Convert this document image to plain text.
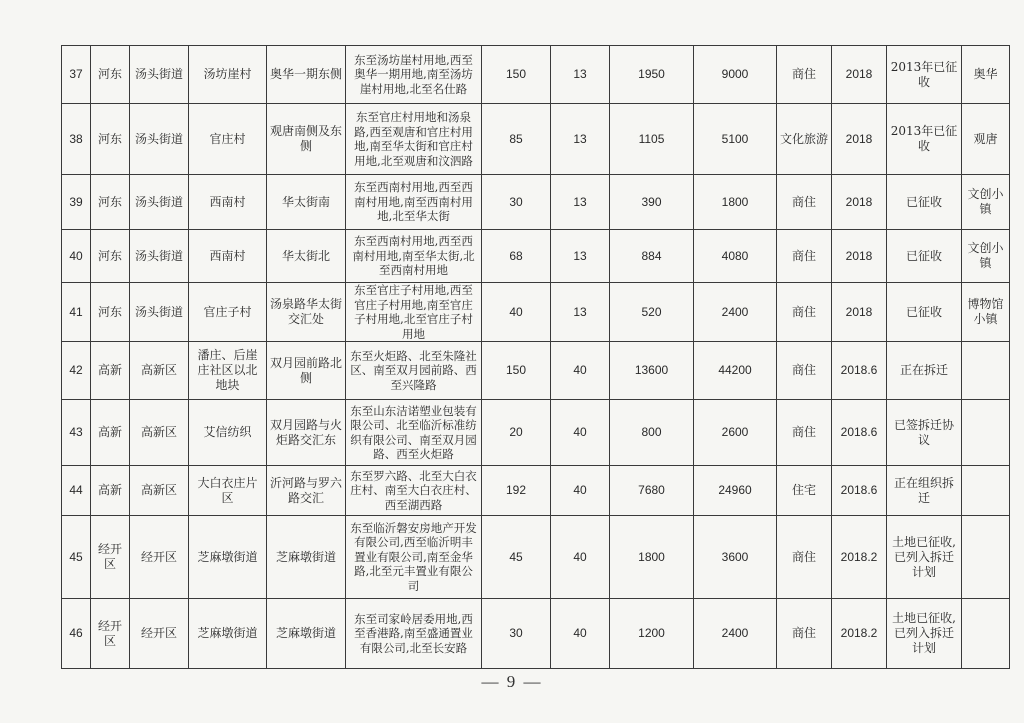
37	河东	汤头街道	汤坊崖村	奥华一期东侧	东至汤坊崖村用地,西至奥华一期用地,南至汤坊崖村用地,北至名仕路	150	13	1950	9000	商住	2018	2013年已征收	奥华
38	河东	汤头街道	官庄村	观唐南侧及东侧	东至官庄村用地和汤泉路,西至观唐和官庄村用地,南至华太街和官庄村用地,北至观唐和汶泗路	85	13	1105	5100	文化旅游	2018	2013年已征收	观唐
39	河东	汤头街道	西南村	华太街南	东至西南村用地,西至西南村用地,南至西南村用地,北至华太街	30	13	390	1800	商住	2018	已征收	文创小镇
40	河东	汤头街道	西南村	华太街北	东至西南村用地,西至西南村用地,南至华太街,北至西南村用地	68	13	884	4080	商住	2018	已征收	文创小镇
41	河东	汤头街道	官庄子村	汤泉路华太街交汇处	东至官庄子村用地,西至官庄子村用地,南至官庄子村用地,北至官庄子村用地	40	13	520	2400	商住	2018	已征收	博物馆小镇
42	高新	高新区	潘庄、后崖庄社区以北地块	双月园前路北侧	东至火炬路、北至朱隆社区、南至双月园前路、西至兴隆路	150	40	13600	44200	商住	2018.6	正在拆迁	
43	高新	高新区	艾信纺织	双月园路与火炬路交汇东	东至山东洁诺塑业包装有限公司、北至临沂标准纺织有限公司、南至双月园路、西至火炬路	20	40	800	2600	商住	2018.6	已签拆迁协议	
44	高新	高新区	大白衣庄片区	沂河路与罗六路交汇	东至罗六路、北至大白衣庄村、南至大白衣庄村、西至湖西路	192	40	7680	24960	住宅	2018.6	正在组织拆迁	
45	经开区	经开区	芝麻墩街道	芝麻墩街道	东至临沂磐安房地产开发有限公司,西至临沂明丰置业有限公司,南至金华路,北至元丰置业有限公司	45	40	1800	3600	商住	2018.2	土地已征收,已列入拆迁计划	
46	经开区	经开区	芝麻墩街道	芝麻墩街道	东至司家岭居委用地,西至香港路,南至盛通置业有限公司,北至长安路	30	40	1200	2400	商住	2018.2	土地已征收,已列入拆迁计划	
— 9 —
